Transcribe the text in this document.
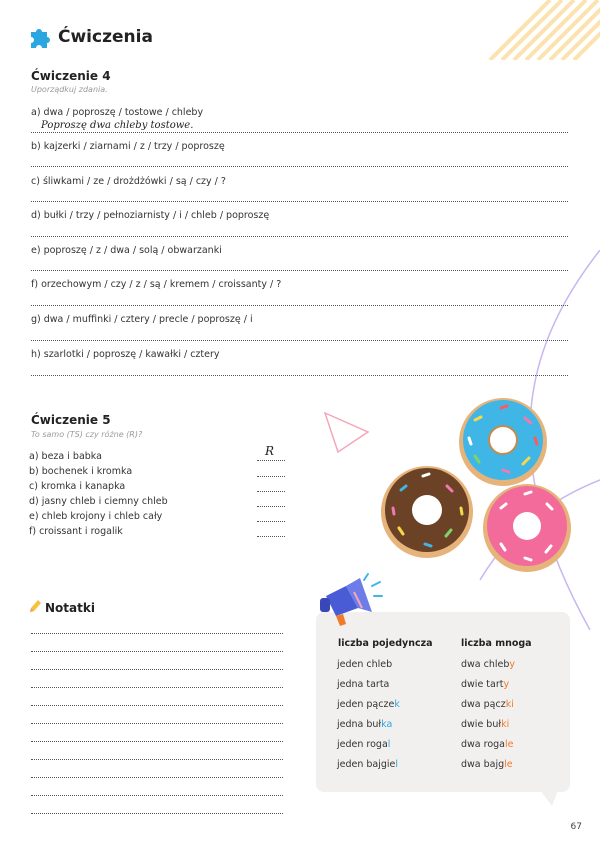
Ćwiczenia
Ćwiczenie 4
Uporządkuj zdania.
a) dwa / poproszę / tostowe / chleby
Poproszę dwa chleby tostowe.
b) kajzerki / ziarnami / z / trzy / poproszę
c) śliwkami / ze / drożdżówki / są / czy / ?
d) bułki / trzy / pełnoziarnisty / i / chleb / poproszę
e) poproszę / z / dwa / solą / obwarzanki
f) orzechowym / czy / z / są / kremem / croissanty / ?
g) dwa / muffinki / cztery / precle / poproszę / i
h) szarlotki / poproszę / kawałki / cztery
Ćwiczenie 5
To samo (TS) czy różne (R)?
a) beza i babka	R
b) bochenek i kromka
c) kromka i kanapka
d) jasny chleb i ciemny chleb
e) chleb krojony i chleb cały
f) croissant i rogalik
Notatki
liczba pojedyncza	liczba mnoga
jeden chleb	dwa chleby
jedna tarta	dwie tarty
jeden pączek	dwa pączki
jedna bułka	dwie bułki
jeden rogal	dwa rogale
jeden bajgiel	dwa bajgle
67
